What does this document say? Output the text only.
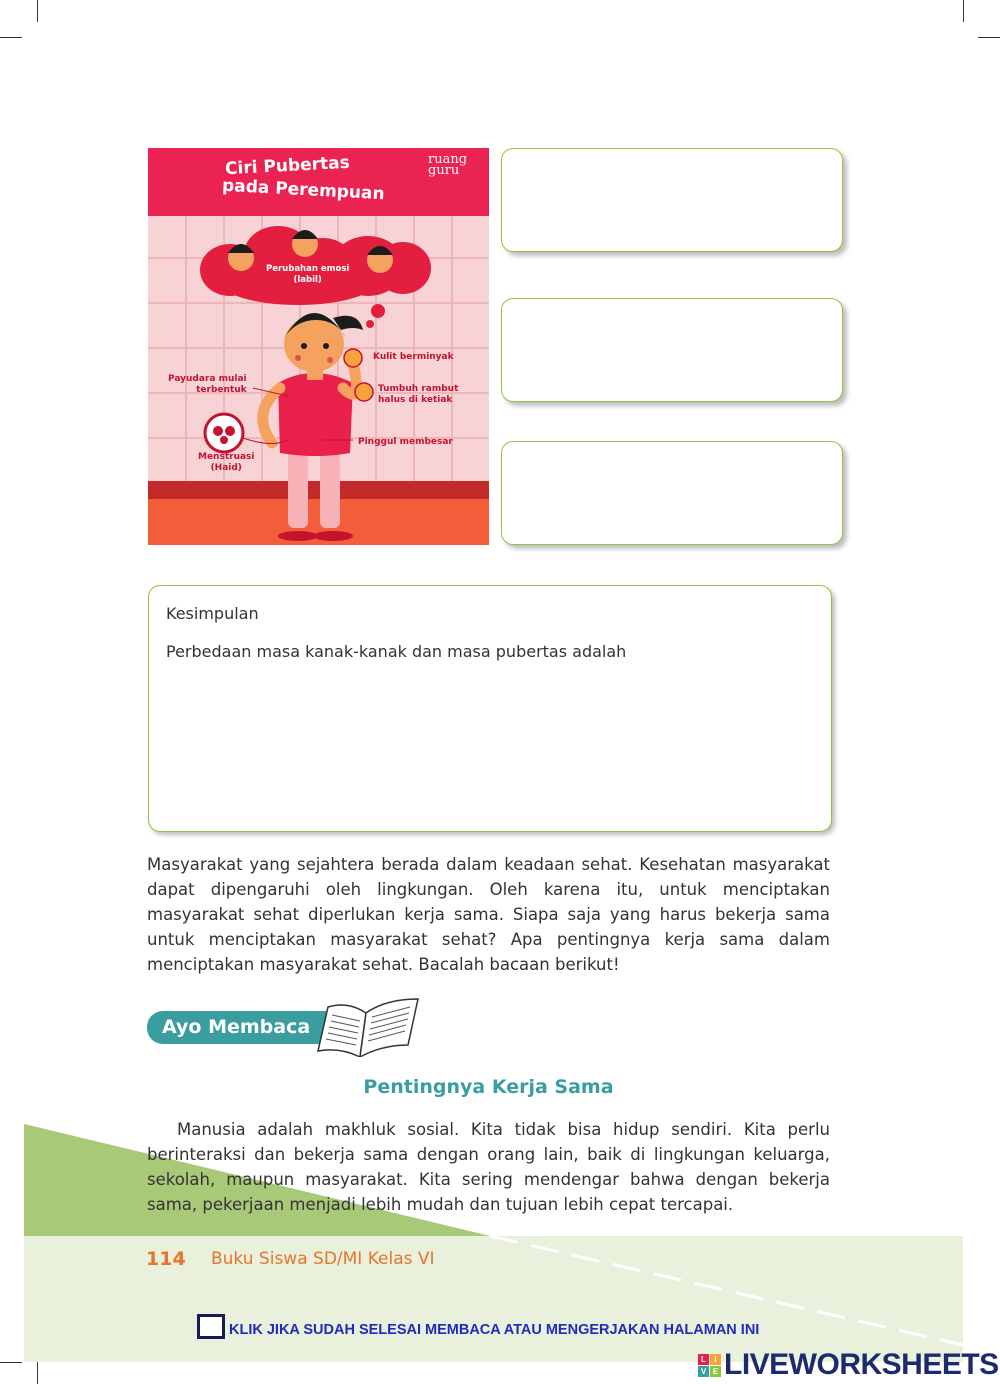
Ciri Pubertas
pada Perempuan
ruang
guru
Perubahan emosi
(labil)
Kulit berminyak
Tumbuh rambut
halus di ketiak
Payudara mulai
terbentuk
Pinggul membesar
Menstruasi
(Haid)
Kesimpulan
Perbedaan masa kanak-kanak dan masa pubertas adalah

Masyarakat yang sejahtera berada dalam keadaan sehat. Kesehatan masyarakat dapat dipengaruhi oleh lingkungan. Oleh karena itu, untuk menciptakan masyarakat sehat diperlukan kerja sama. Siapa saja yang harus bekerja sama untuk menciptakan masyarakat sehat? Apa pentingnya kerja sama dalam menciptakan masyarakat sehat. Bacalah bacaan berikut!

Ayo Membaca
Pentingnya Kerja Sama

Manusia adalah makhluk sosial. Kita tidak bisa hidup sendiri. Kita perlu berinteraksi dan bekerja sama dengan orang lain, baik di lingkungan keluarga, sekolah, maupun masyarakat. Kita sering mendengar bahwa dengan bekerja sama, pekerjaan menjadi lebih mudah dan tujuan lebih cepat tercapai.

114 Buku Siswa SD/MI Kelas VI
KLIK JIKA SUDAH SELESAI MEMBACA ATAU MENGERJAKAN HALAMAN INI
L	I
V E LIVEWORKSHEETS
